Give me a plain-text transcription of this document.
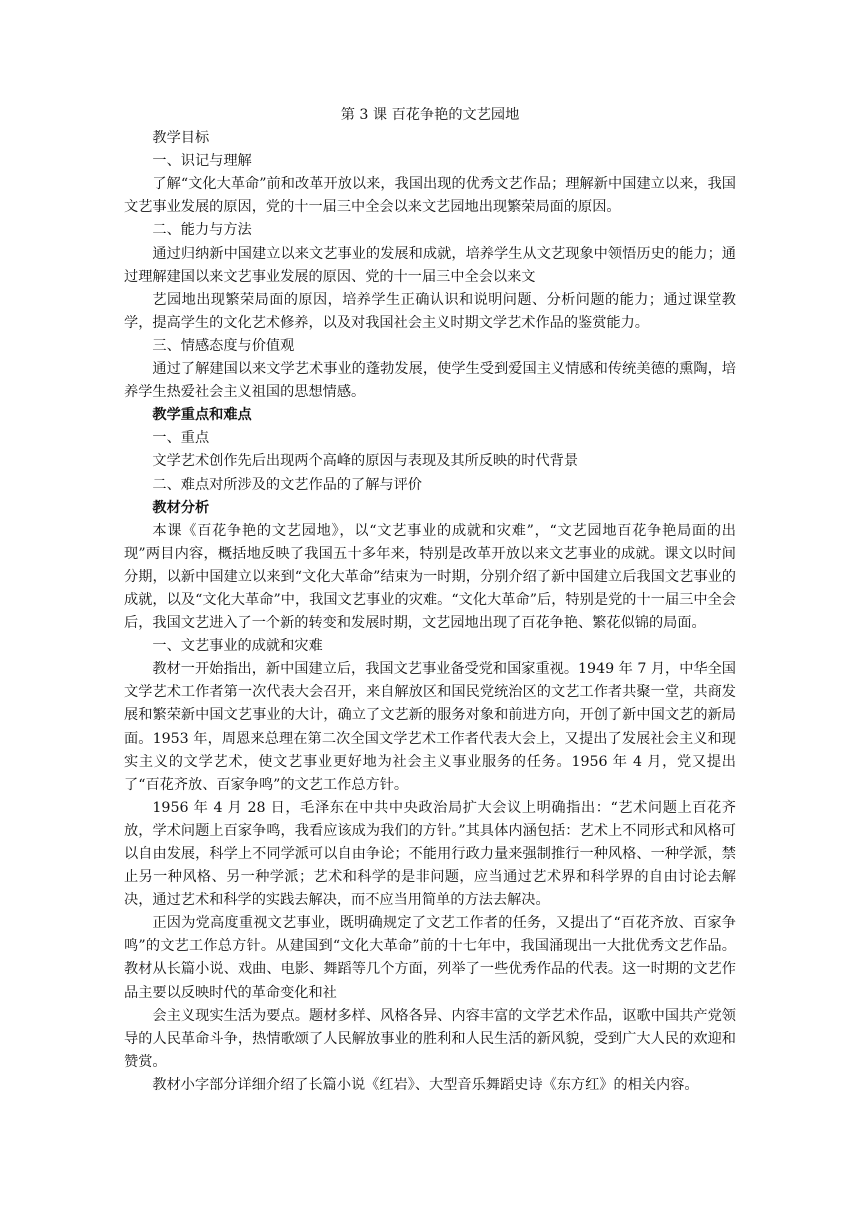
第 3 课 百花争艳的文艺园地

教学目标

一、识记与理解

了解“文化大革命”前和改革开放以来，我国出现的优秀文艺作品；理解新中国建立以来，我国文艺事业发展的原因，党的十一届三中全会以来文艺园地出现繁荣局面的原因。

二、能力与方法

通过归纳新中国建立以来文艺事业的发展和成就，培养学生从文艺现象中领悟历史的能力；通过理解建国以来文艺事业发展的原因、党的十一届三中全会以来文

艺园地出现繁荣局面的原因，培养学生正确认识和说明问题、分析问题的能力；通过课堂教学，提高学生的文化艺术修养，以及对我国社会主义时期文学艺术作品的鉴赏能力。

三、情感态度与价值观

通过了解建国以来文学艺术事业的蓬勃发展，使学生受到爱国主义情感和传统美德的熏陶，培养学生热爱社会主义祖国的思想情感。

教学重点和难点

一、重点

文学艺术创作先后出现两个高峰的原因与表现及其所反映的时代背景

二、难点对所涉及的文艺作品的了解与评价

教材分析

本课《百花争艳的文艺园地》，以“文艺事业的成就和灾难”，“文艺园地百花争艳局面的出现”两目内容，概括地反映了我国五十多年来，特别是改革开放以来文艺事业的成就。课文以时间分期，以新中国建立以来到“文化大革命”结束为一时期，分别介绍了新中国建立后我国文艺事业的成就，以及“文化大革命”中，我国文艺事业的灾难。“文化大革命”后，特别是党的十一届三中全会后，我国文艺进入了一个新的转变和发展时期，文艺园地出现了百花争艳、繁花似锦的局面。

一、文艺事业的成就和灾难

教材一开始指出，新中国建立后，我国文艺事业备受党和国家重视。1949 年 7 月，中华全国文学艺术工作者第一次代表大会召开，来自解放区和国民党统治区的文艺工作者共聚一堂，共商发展和繁荣新中国文艺事业的大计，确立了文艺新的服务对象和前进方向，开创了新中国文艺的新局面。1953 年，周恩来总理在第二次全国文学艺术工作者代表大会上，又提出了发展社会主义和现实主义的文学艺术，使文艺事业更好地为社会主义事业服务的任务。1956 年 4 月，党又提出了“百花齐放、百家争鸣”的文艺工作总方针。

1956 年 4 月 28 日，毛泽东在中共中央政治局扩大会议上明确指出：“艺术问题上百花齐放，学术问题上百家争鸣，我看应该成为我们的方针。”其具体内涵包括：艺术上不同形式和风格可以自由发展，科学上不同学派可以自由争论；不能用行政力量来强制推行一种风格、一种学派，禁止另一种风格、另一种学派；艺术和科学的是非问题，应当通过艺术界和科学界的自由讨论去解决，通过艺术和科学的实践去解决，而不应当用简单的方法去解决。

正因为党高度重视文艺事业，既明确规定了文艺工作者的任务，又提出了“百花齐放、百家争鸣”的文艺工作总方针。从建国到“文化大革命”前的十七年中，我国涌现出一大批优秀文艺作品。教材从长篇小说、戏曲、电影、舞蹈等几个方面，列举了一些优秀作品的代表。这一时期的文艺作品主要以反映时代的革命变化和社

会主义现实生活为要点。题材多样、风格各异、内容丰富的文学艺术作品，讴歌中国共产党领导的人民革命斗争，热情歌颂了人民解放事业的胜利和人民生活的新风貌，受到广大人民的欢迎和赞赏。

教材小字部分详细介绍了长篇小说《红岩》、大型音乐舞蹈史诗《东方红》的相关内容。
